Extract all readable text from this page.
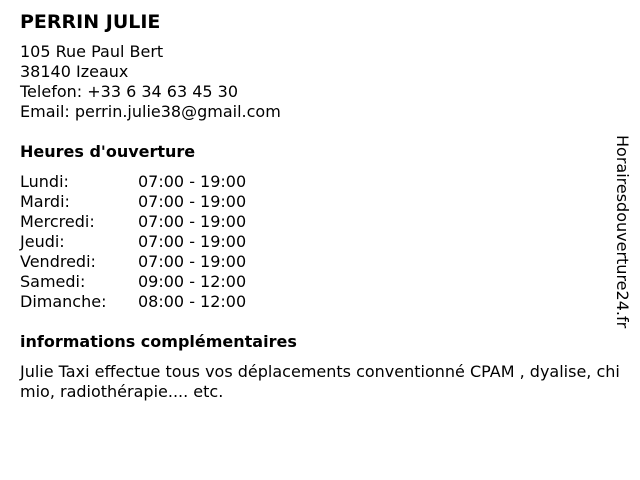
PERRIN JULIE
105 Rue Paul Bert
38140 Izeaux
Telefon: +33 6 34 63 45 30
Email: perrin.julie38@gmail.com
Heures d'ouverture
Lundi:	07:00 - 19:00
Mardi:	07:00 - 19:00
Mercredi:	07:00 - 19:00
Jeudi:	07:00 - 19:00
Vendredi:	07:00 - 19:00
Samedi:	09:00 - 12:00
Dimanche:	08:00 - 12:00
informations complémentaires
Julie Taxi effectue tous vos déplacements conventionné CPAM , dyalise, chimio, radiothérapie.... etc.
Horairesdouverture24.fr
